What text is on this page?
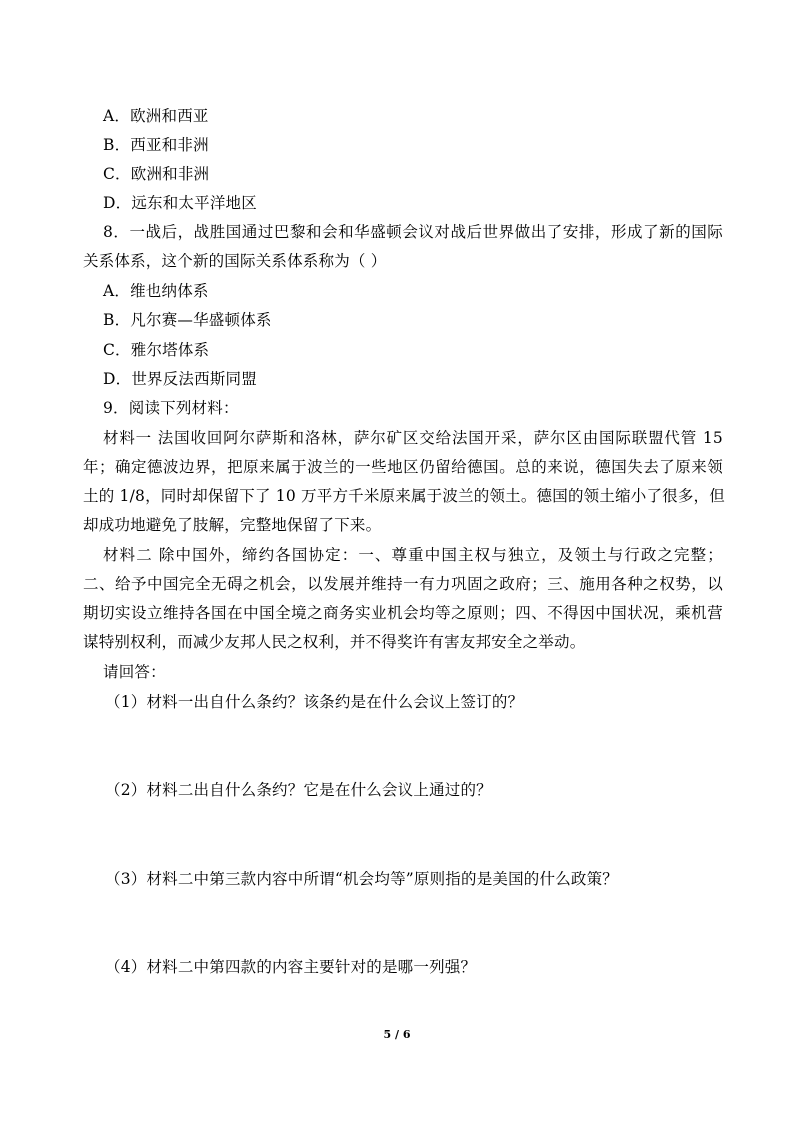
A．欧洲和西亚
B．西亚和非洲
C．欧洲和非洲
D．远东和太平洋地区
8．一战后，战胜国通过巴黎和会和华盛顿会议对战后世界做出了安排，形成了新的国际
关系体系，这个新的国际关系体系称为（ ）
A．维也纳体系
B．凡尔赛—华盛顿体系
C．雅尔塔体系
D．世界反法西斯同盟
9．阅读下列材料：
材料一 法国收回阿尔萨斯和洛林，萨尔矿区交给法国开采，萨尔区由国际联盟代管 15
年；确定德波边界，把原来属于波兰的一些地区仍留给德国。总的来说，德国失去了原来领
土的 1/8，同时却保留下了 10 万平方千米原来属于波兰的领土。德国的领土缩小了很多，但
却成功地避免了肢解，完整地保留了下来。
材料二 除中国外，缔约各国协定：一、尊重中国主权与独立，及领土与行政之完整；
二、给予中国完全无碍之机会，以发展并维持一有力巩固之政府；三、施用各种之权势，以
期切实设立维持各国在中国全境之商务实业机会均等之原则；四、不得因中国状况，乘机营
谋特别权利，而减少友邦人民之权利，并不得奖许有害友邦安全之举动。
请回答：
（1）材料一出自什么条约？该条约是在什么会议上签订的？
（2）材料二出自什么条约？它是在什么会议上通过的？
（3）材料二中第三款内容中所谓“机会均等”原则指的是美国的什么政策？
（4）材料二中第四款的内容主要针对的是哪一列强？
5 / 6
